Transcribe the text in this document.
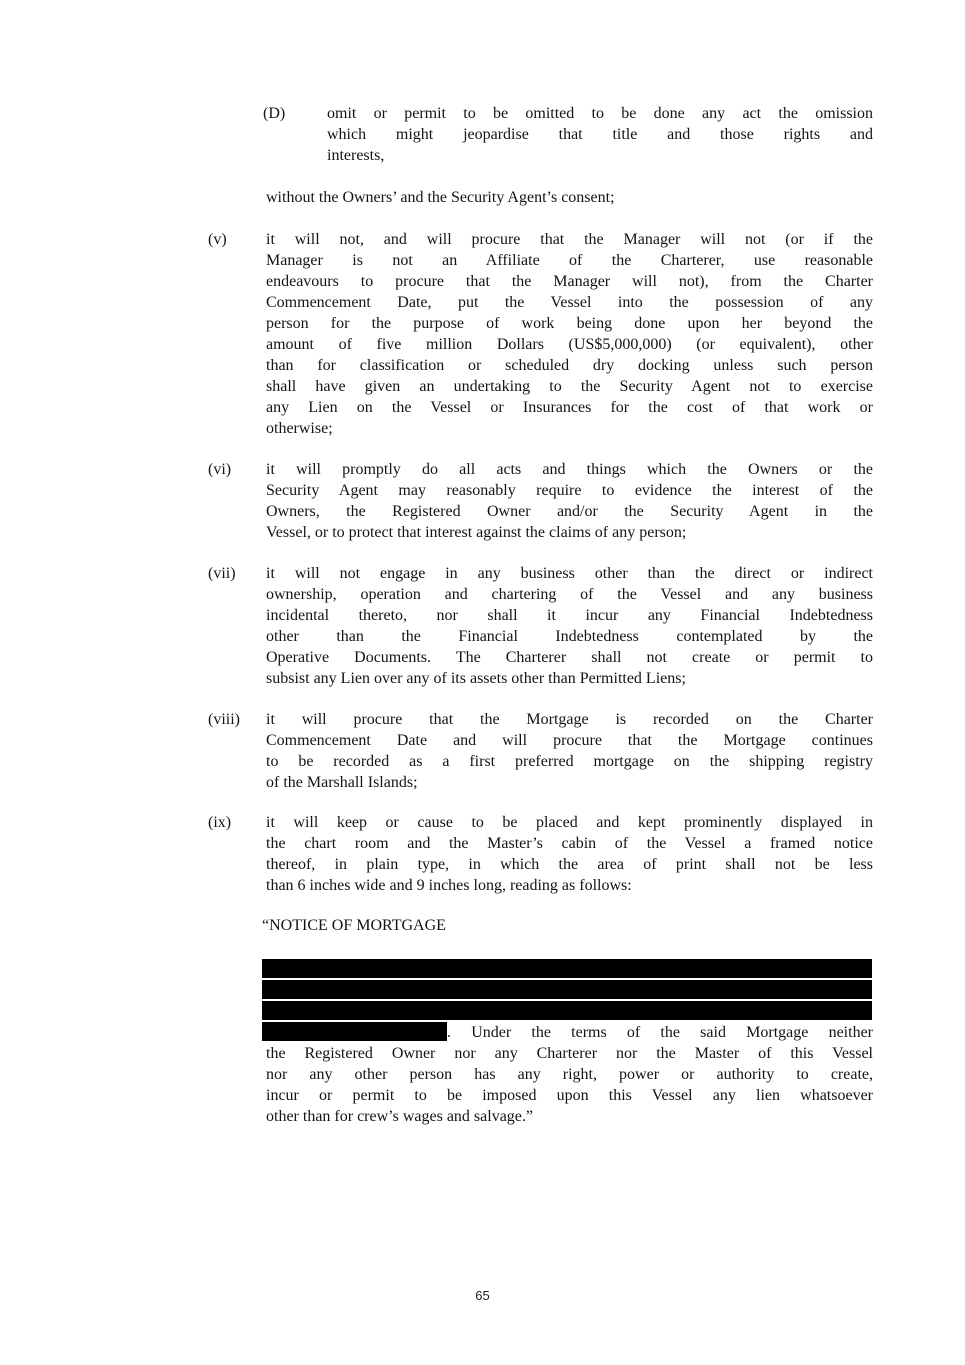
(D)	omit or permit to be omitted to be done any act the omission
which might jeopardise that title and those rights and
interests,
without the Owners’ and the Security Agent’s consent;
(v)	it will not, and will procure that the Manager will not (or if the
Manager is not an Affiliate of the Charterer, use reasonable
endeavours to procure that the Manager will not), from the Charter
Commencement Date, put the Vessel into the possession of any
person for the purpose of work being done upon her beyond the
amount of five million Dollars (US$5,000,000) (or equivalent), other
than for classification or scheduled dry docking unless such person
shall have given an undertaking to the Security Agent not to exercise
any Lien on the Vessel or Insurances for the cost of that work or
otherwise;
(vi)	it will promptly do all acts and things which the Owners or the
Security Agent may reasonably require to evidence the interest of the
Owners, the Registered Owner and/or the Security Agent in the
Vessel, or to protect that interest against the claims of any person;
(vii)	it will not engage in any business other than the direct or indirect
ownership, operation and chartering of the Vessel and any business
incidental thereto, nor shall it incur any Financial Indebtedness
other than the Financial Indebtedness contemplated by the
Operative Documents. The Charterer shall not create or permit to
subsist any Lien over any of its assets other than Permitted Liens;
(viii)	it will procure that the Mortgage is recorded on the Charter
Commencement Date and will procure that the Mortgage continues
to be recorded as a first preferred mortgage on the shipping registry
of the Marshall Islands;
(ix)	it will keep or cause to be placed and kept prominently displayed in
the chart room and the Master’s cabin of the Vessel a framed notice
thereof, in plain type, in which the area of print shall not be less
than 6 inches wide and 9 inches long, reading as follows:
“NOTICE OF MORTGAGE
. Under the terms of the said Mortgage neither
the Registered Owner nor any Charterer nor the Master of this Vessel
nor any other person has any right, power or authority to create,
incur or permit to be imposed upon this Vessel any lien whatsoever
other than for crew’s wages and salvage.”
65
